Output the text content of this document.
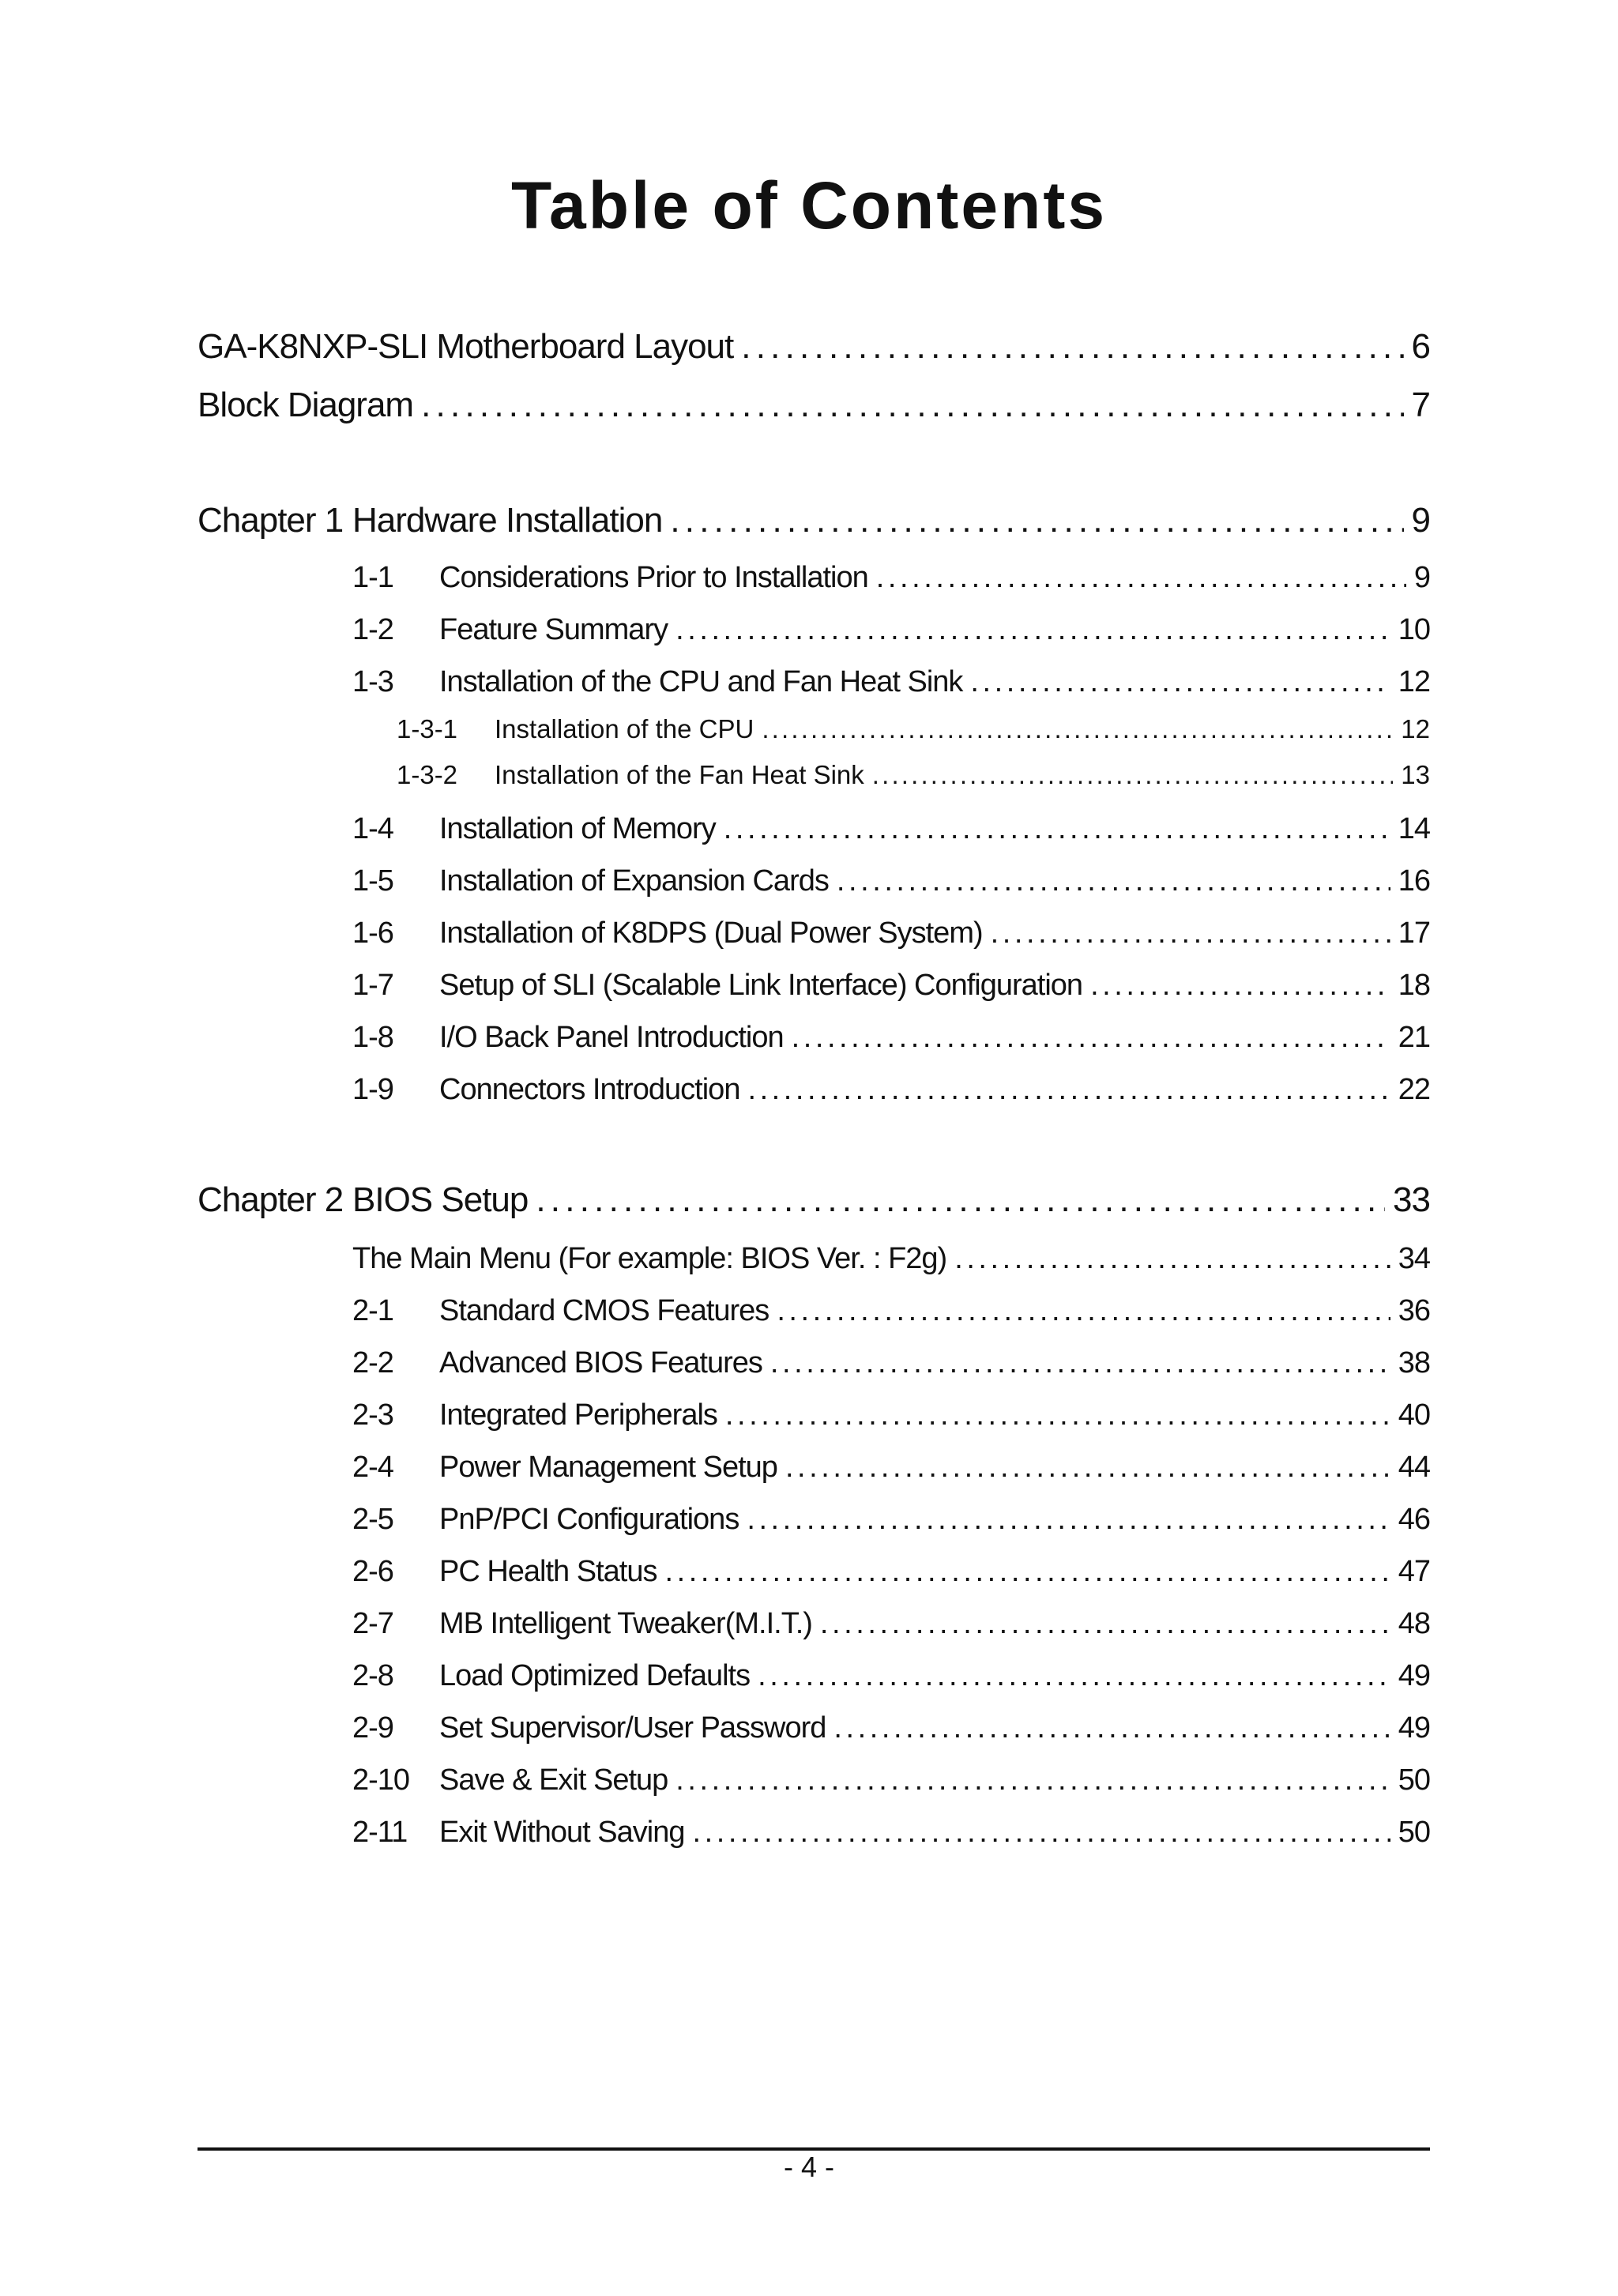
Table of Contents
GA-K8NXP-SLI Motherboard Layout . . .	6
Block Diagram . . .	7
Chapter 1 Hardware Installation . . .	9
1-1	Considerations Prior to Installation . . .	9
1-2	Feature Summary . . .	10
1-3	Installation of the CPU and Fan Heat Sink . . .	12
1-3-1	Installation of the CPU . . .	12
1-3-2	Installation of the Fan Heat Sink . . .	13
1-4	Installation of Memory . . .	14
1-5	Installation of Expansion Cards . . .	16
1-6	Installation of K8DPS (Dual Power System) . . .	17
1-7	Setup of SLI (Scalable Link Interface) Configuration . . .	18
1-8	I/O Back Panel Introduction . . .	21
1-9	Connectors Introduction . . .	22
Chapter 2 BIOS Setup . . .	33
The Main Menu (For example: BIOS Ver. : F2g) . . .	34
2-1	Standard CMOS Features . . .	36
2-2	Advanced BIOS Features . . .	38
2-3	Integrated Peripherals . . .	40
2-4	Power Management Setup . . .	44
2-5	PnP/PCI Configurations . . .	46
2-6	PC Health Status . . .	47
2-7	MB Intelligent Tweaker(M.I.T.) . . .	48
2-8	Load Optimized Defaults . . .	49
2-9	Set Supervisor/User Password . . .	49
2-10 Save & Exit Setup . . .	50
2-11	Exit Without Saving . . .	50
- 4 -
